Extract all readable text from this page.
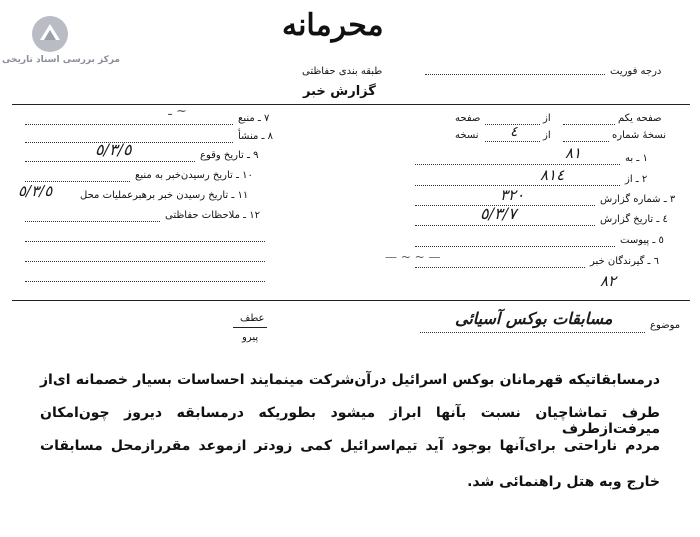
مرکز بررسی اسناد تاریخی
محرمانه
طبقه بندی حفاظتی
گزارش خبر
درجه فوریت
صفحه یکم
از
صفحه
نسخهٔ شماره
از
نسخه ٤
١ ـ به
٨١
٢ ـ از
٨١٤
٣ ـ شماره گزارش
٣٢٠
٤ ـ تاریخ گزارش
٥/٣/٧
٥ ـ پیوست
٦ ـ گیرندگان خبر
— ~ ~ —
٨٢
٧ ـ منبع
ـ ~
٨ ـ منشأ
٩ ـ تاریخ وقوع
٥/٣/٥
١٠ ـ تاریخ رسیدن‌خبر به منبع
١١ ـ تاریخ رسیدن خبر برهبرعملیات محل
٥/٣/٥
١٢ ـ ملاحظات حفاظتی
عطف
پیرو
موضوع
مسابقات بوکس آسیائی
درمسابقاتیکه قهرمانان بوکس اسرائیل درآن‌شرکت مینمایند احساسات بسیار خصمانه ای‌از
طرف تماشاچیان نسبت بآنها ابراز میشود بطوریکه درمسابقه دیروز چون‌امکان میرفت‌ازطرف
مردم ناراحتی برای‌آنها بوجود آید تیم‌اسرائیل کمی زودتر ازموعد مقرر‌ازمحل مسابقات
خارج وبه هتل راهنمائی شد.
